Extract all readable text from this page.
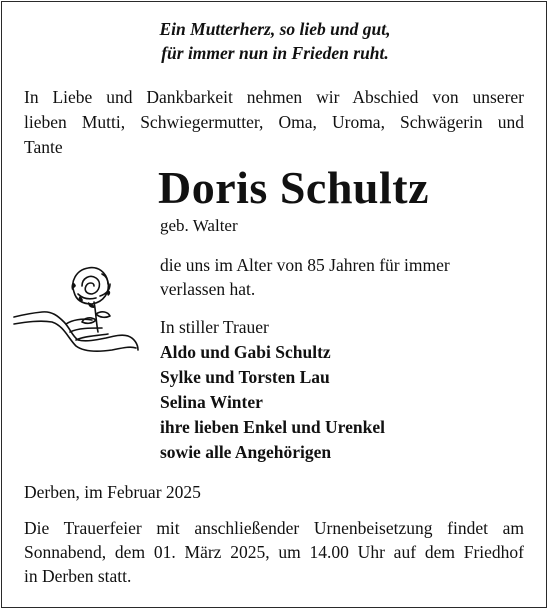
Ein Mutterherz, so lieb und gut,
für immer nun in Frieden ruht.
In Liebe und Dankbarkeit nehmen wir Abschied von unserer
lieben Mutti, Schwiegermutter, Oma, Uroma, Schwägerin und
Tante
Doris Schultz
geb. Walter
die uns im Alter von 85 Jahren für immer
verlassen hat.
In stiller Trauer
Aldo und Gabi Schultz
Sylke und Torsten Lau
Selina Winter
ihre lieben Enkel und Urenkel
sowie alle Angehörigen
Derben, im Februar 2025
Die Trauerfeier mit anschließender Urnenbeisetzung findet am
Sonnabend, dem 01. März 2025, um 14.00 Uhr auf dem Friedhof
in Derben statt.
